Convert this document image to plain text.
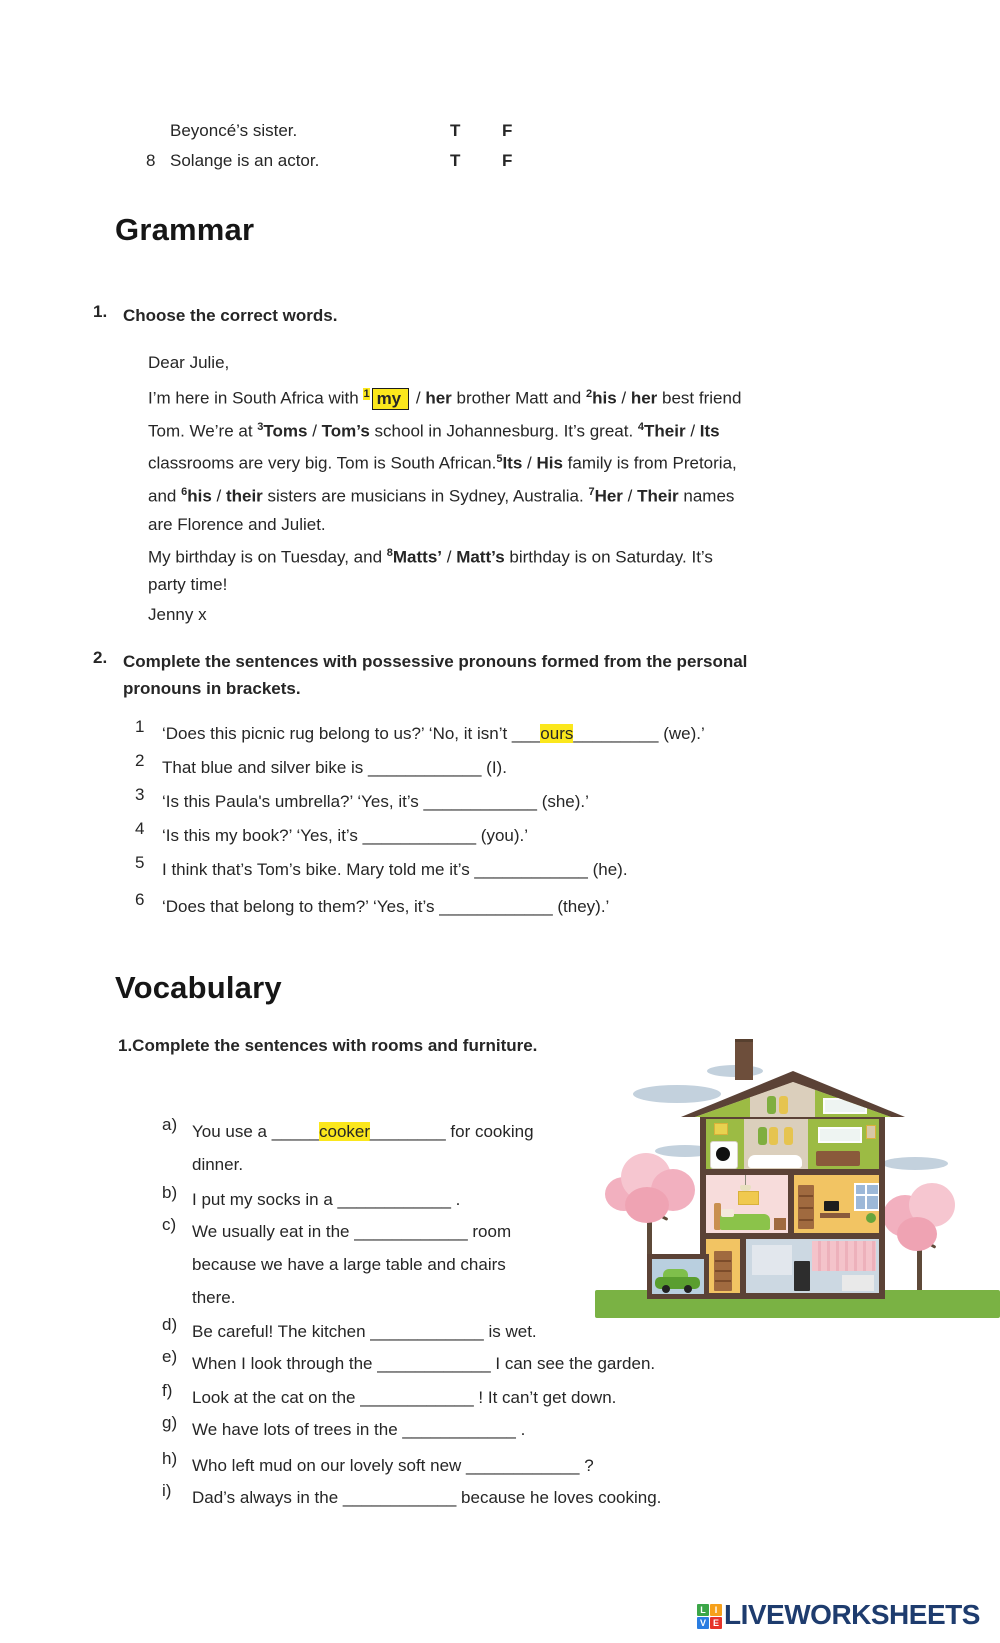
Beyoncé’s sister.	T F
8 Solange is an actor.	T F
Grammar
1. Choose the correct words.
Dear Julie,
I’m here in South Africa with $^1$ my / her brother Matt and $^2$his / her best friend
Tom. We’re at $^3$Toms / Tom’s school in Johannesburg. It’s great. $^4$Their / Its
classrooms are very big. Tom is South African.$^5$Its / His family is from Pretoria,
and $^6$his / their sisters are musicians in Sydney, Australia. $^7$Her / Their names
are Florence and Juliet.
My birthday is on Tuesday, and $^8$Matts’ / Matt’s birthday is on Saturday. It’s
party time!
Jenny x
2. Complete the sentences with possessive pronouns formed from the personal
pronouns in brackets.
1 ‘Does this picnic rug belong to us?’ ‘No, it isn’t ___ours_________ (we).’
2 That blue and silver bike is ____________ (I).
3 ‘Is this Paula's umbrella?’ ‘Yes, it’s ____________ (she).’
4 ‘Is this my book?’ ‘Yes, it’s ____________ (you).’
5 I think that’s Tom’s bike. Mary told me it’s ____________ (he).
6 ‘Does that belong to them?’ ‘Yes, it’s ____________ (they).’
Vocabulary
1.Complete the sentences with rooms and furniture.
a) You use a _____cooker________ for cooking
dinner.
b) I put my socks in a ____________ .
c) We usually eat in the ____________ room
because we have a large table and chairs
there.
d) Be careful! The kitchen ____________ is wet.
e) When I look through the ____________ I can see the garden.
f) Look at the cat on the ____________ ! It can’t get down.
g) We have lots of trees in the ____________ .
h) Who left mud on our lovely soft new ____________ ?
i) Dad’s always in the ____________ because he loves cooking.
L I
V E LIVEWORKSHEETS
